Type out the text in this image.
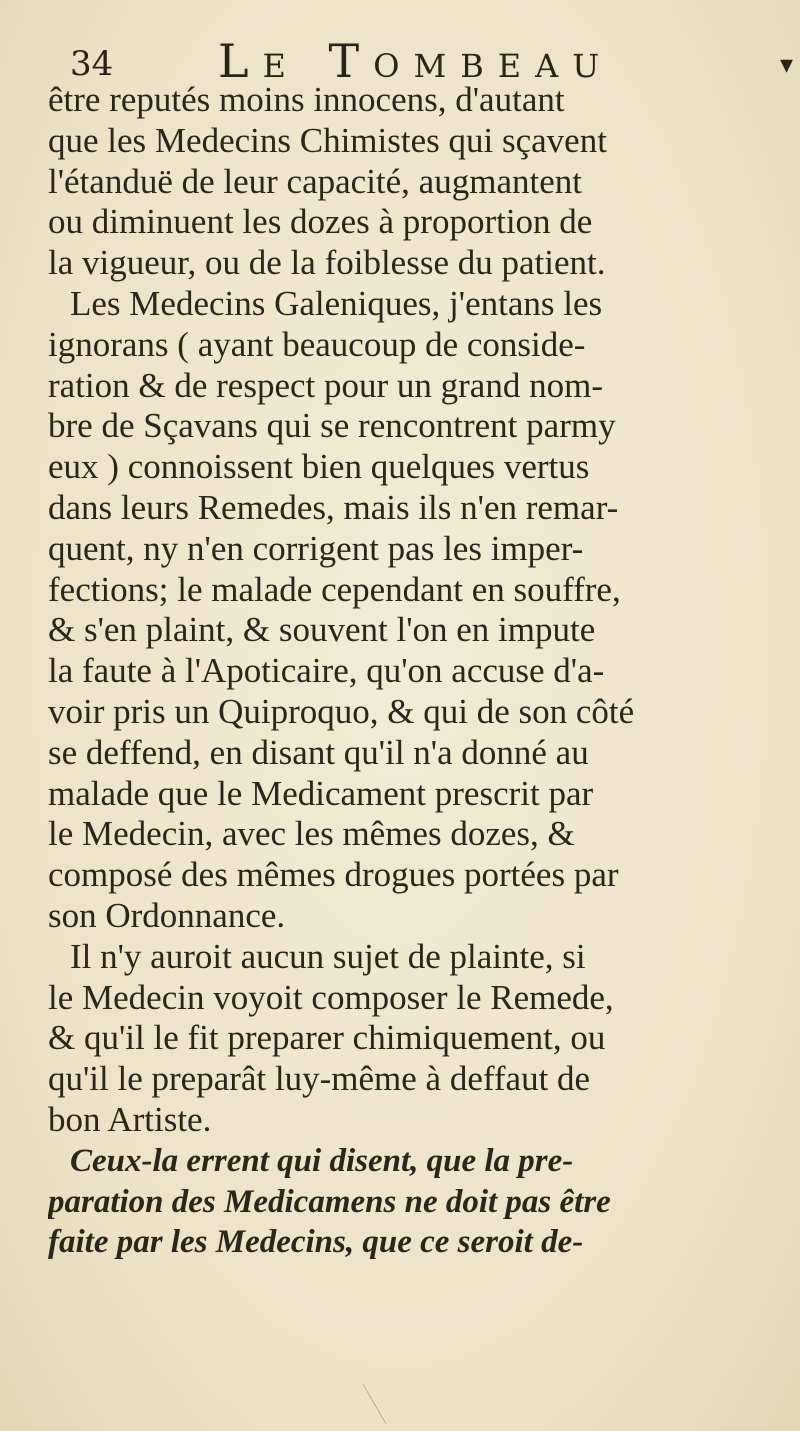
34 Le Tombeau	▾
être reputés moins innocens, d'autant
que les Medecins Chimistes qui sçavent
l'étanduë de leur capacité, augmantent
ou diminuent les dozes à proportion de
la vigueur, ou de la foiblesse du patient.
Les Medecins Galeniques, j'entans les
ignorans ( ayant beaucoup de conside-
ration & de respect pour un grand nom-
bre de Sçavans qui se rencontrent parmy
eux ) connoissent bien quelques vertus
dans leurs Remedes, mais ils n'en remar-
quent, ny n'en corrigent pas les imper-
fections; le malade cependant en souffre,
& s'en plaint, & souvent l'on en impute
la faute à l'Apoticaire, qu'on accuse d'a-
voir pris un Quiproquo, & qui de son côté
se deffend, en disant qu'il n'a donné au
malade que le Medicament prescrit par
le Medecin, avec les mêmes dozes, &
composé des mêmes drogues portées par
son Ordonnance.
Il n'y auroit aucun sujet de plainte, si
le Medecin voyoit composer le Remede,
& qu'il le fit preparer chimiquement, ou
qu'il le preparât luy-même à deffaut de
bon Artiste.
Ceux-la errent qui disent, que la pre-
paration des Medicamens ne doit pas être
faite par les Medecins, que ce seroit de-
